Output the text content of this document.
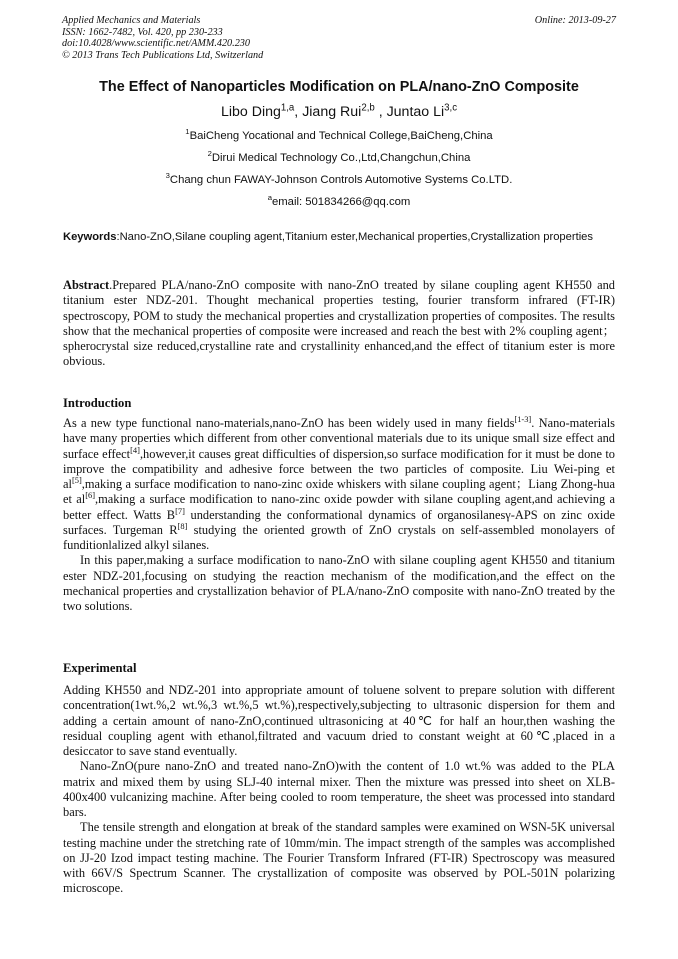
Applied Mechanics and Materials
ISSN: 1662-7482, Vol. 420, pp 230-233
doi:10.4028/www.scientific.net/AMM.420.230
© 2013 Trans Tech Publications Ltd, Switzerland
Online: 2013-09-27
The Effect of Nanoparticles Modification on PLA/nano-ZnO Composite
Libo Ding$^{1,a}$, Jiang Rui$^{2,b}$ , Juntao Li$^{3,c}$
$^1$BaiCheng Yocational and Technical College,BaiCheng,China
$^2$Dirui Medical Technology Co.,Ltd,Changchun,China
$^3$Chang chun FAWAY-Johnson Controls Automotive Systems Co.LTD.
$^a$email: 501834266@qq.com
Keywords:Nano-ZnO,Silane coupling agent,Titanium ester,Mechanical properties,Crystallization properties
Abstract.Prepared PLA/nano-ZnO composite with nano-ZnO treated by silane coupling agent KH550 and titanium ester NDZ-201. Thought mechanical properties testing, fourier transform infrared (FT-IR) spectroscopy, POM to study the mechanical properties and crystallization properties of composites. The results show that the mechanical properties of composite were increased and reach the best with 2% coupling agent；spherocrystal size reduced,crystalline rate and crystallinity enhanced,and the effect of titanium ester is more obvious.
Introduction

As a new type functional nano-materials,nano-ZnO has been widely used in many fields[1-3]. Nano-materials have many properties which different from other conventional materials due to its unique small size effect and surface effect[4],however,it causes great difficulties of dispersion,so surface modification for it must be done to improve the compatibility and adhesive force between the two particles of composite. Liu Wei-ping et al[5],making a surface modification to nano-zinc oxide whiskers with silane coupling agent；Liang Zhong-hua et al[6],making a surface modification to nano-zinc oxide powder with silane coupling agent,and achieving a better effect. Watts B[7] understanding the conformational dynamics of organosilanesγ-APS on zinc oxide surfaces. Turgeman R[8] studying the oriented growth of ZnO crystals on self-assembled monolayers of funditionlalized alkyl silanes.

In this paper,making a surface modification to nano-ZnO with silane coupling agent KH550 and titanium ester NDZ-201,focusing on studying the reaction mechanism of the modification,and the effect on the mechanical properties and crystallization behavior of PLA/nano-ZnO composite with nano-ZnO treated by the two solutions.

Experimental

Adding KH550 and NDZ-201 into appropriate amount of toluene solvent to prepare solution with different concentration(1wt.%,2 wt.%,3 wt.%,5 wt.%),respectively,subjecting to ultrasonic dispersion for them and adding a certain amount of nano-ZnO,continued ultrasonicing at 40℃ for half an hour,then washing the residual coupling agent with ethanol,filtrated and vacuum dried to constant weight at 60℃,placed in a desiccator to save stand eventually.

Nano-ZnO(pure nano-ZnO and treated nano-ZnO)with the content of 1.0 wt.% was added to the PLA matrix and mixed them by using SLJ-40 internal mixer. Then the mixture was pressed into sheet on XLB-400x400 vulcanizing machine. After being cooled to room temperature, the sheet was processed into standard bars.

The tensile strength and elongation at break of the standard samples were examined on WSN-5K universal testing machine under the stretching rate of 10mm/min. The impact strength of the samples was accomplished on JJ-20 Izod impact testing machine. The Fourier Transform Infrared (FT-IR) Spectroscopy was measured with 66V/S Spectrum Scanner. The crystallization of composite was observed by POL-501N polarizing microscope.
